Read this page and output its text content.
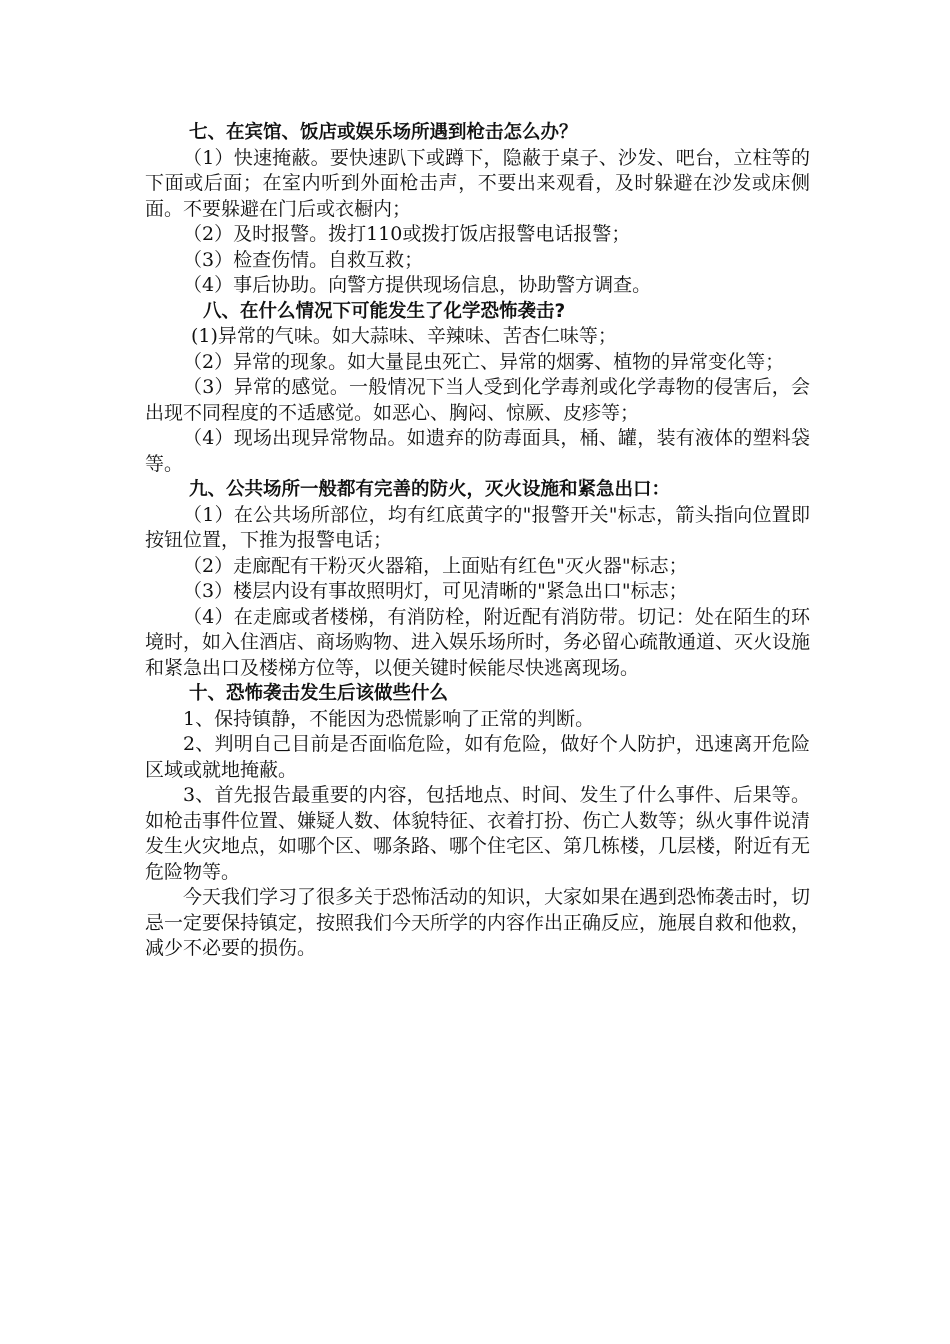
七、在宾馆、饭店或娱乐场所遇到枪击怎么办？

（1）快速掩蔽。要快速趴下或蹲下，隐蔽于桌子、沙发、吧台，立柱等的下面或后面；在室内听到外面枪击声，不要出来观看，及时躲避在沙发或床侧面。不要躲避在门后或衣橱内；

（2）及时报警。拨打110或拨打饭店报警电话报警；

（3）检查伤情。自救互救；

（4）事后协助。向警方提供现场信息，协助警方调查。

八、在什么情况下可能发生了化学恐怖袭击?

(1)异常的气味。如大蒜味、辛辣味、苦杏仁味等；

（2）异常的现象。如大量昆虫死亡、异常的烟雾、植物的异常变化等；

（3）异常的感觉。一般情况下当人受到化学毒剂或化学毒物的侵害后，会出现不同程度的不适感觉。如恶心、胸闷、惊厥、皮疹等；

（4）现场出现异常物品。如遗弃的防毒面具，桶、罐，装有液体的塑料袋等。

九、公共场所一般都有完善的防火，灭火设施和紧急出口：

（1）在公共场所部位，均有红底黄字的"报警开关"标志，箭头指向位置即按钮位置，下推为报警电话；

（2）走廊配有干粉灭火器箱，上面贴有红色"灭火器"标志；

（3）楼层内设有事故照明灯，可见清晰的"紧急出口"标志；

（4）在走廊或者楼梯，有消防栓，附近配有消防带。切记：处在陌生的环境时，如入住酒店、商场购物、进入娱乐场所时，务必留心疏散通道、灭火设施和紧急出口及楼梯方位等，以便关键时候能尽快逃离现场。

十、恐怖袭击发生后该做些什么

1、保持镇静，不能因为恐慌影响了正常的判断。

2、判明自己目前是否面临危险，如有危险，做好个人防护，迅速离开危险区域或就地掩蔽。

3、首先报告最重要的内容，包括地点、时间、发生了什么事件、后果等。如枪击事件位置、嫌疑人数、体貌特征、衣着打扮、伤亡人数等；纵火事件说清发生火灾地点，如哪个区、哪条路、哪个住宅区、第几栋楼，几层楼，附近有无危险物等。

今天我们学习了很多关于恐怖活动的知识，大家如果在遇到恐怖袭击时，切忌一定要保持镇定，按照我们今天所学的内容作出正确反应，施展自救和他救，减少不必要的损伤。
